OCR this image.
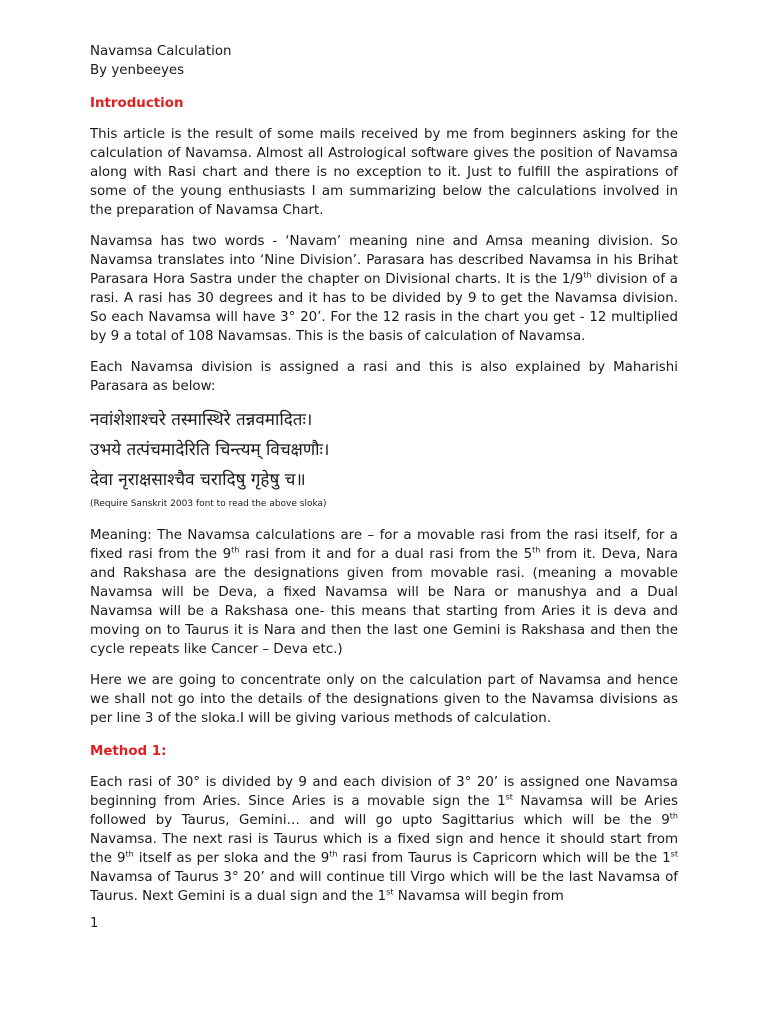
Navamsa Calculation

By yenbeeyes

Introduction

This article is the result of some mails received by me from beginners asking for the calculation of Navamsa. Almost all Astrological software gives the position of Navamsa along with Rasi chart and there is no exception to it. Just to fulfill the aspirations of some of the young enthusiasts I am summarizing below the calculations involved in the preparation of Navamsa Chart.

Navamsa has two words - ‘Navam’ meaning nine and Amsa meaning division. So Navamsa translates into ‘Nine Division’. Parasara has described Navamsa in his Brihat Parasara Hora Sastra under the chapter on Divisional charts. It is the 1/9th division of a rasi. A rasi has 30 degrees and it has to be divided by 9 to get the Navamsa division. So each Navamsa will have 3° 20’. For the 12 rasis in the chart you get - 12 multiplied by 9 a total of 108 Navamsas. This is the basis of calculation of Navamsa.

Each Navamsa division is assigned a rasi and this is also explained by Maharishi Parasara as below:

नवांशेशाश्चरे तस्मास्थिरे तन्नवमादितः।

उभये तत्पंचमादेरिति चिन्त्यम् विचक्षणौः।

देवा नृराक्षसाश्चैव चरादिषु गृहेषु च॥

(Require Sanskrit 2003 font to read the above sloka)

Meaning: The Navamsa calculations are – for a movable rasi from the rasi itself, for a fixed rasi from the 9th rasi from it and for a dual rasi from the 5th from it. Deva, Nara and Rakshasa are the designations given from movable rasi. (meaning a movable Navamsa will be Deva, a fixed Navamsa will be Nara or manushya and a Dual Navamsa will be a Rakshasa one- this means that starting from Aries it is deva and moving on to Taurus it is Nara and then the last one Gemini is Rakshasa and then the cycle repeats like Cancer – Deva etc.)

Here we are going to concentrate only on the calculation part of Navamsa and hence we shall not go into the details of the designations given to the Navamsa divisions as per line 3 of the sloka.I will be giving various methods of calculation.

Method 1:

Each rasi of 30° is divided by 9 and each division of 3° 20’ is assigned one Navamsa beginning from Aries. Since Aries is a movable sign the 1st Navamsa will be Aries followed by Taurus, Gemini… and will go upto Sagittarius which will be the 9th Navamsa. The next rasi is Taurus which is a fixed sign and hence it should start from the 9th itself as per sloka and the 9th rasi from Taurus is Capricorn which will be the 1st Navamsa of Taurus 3° 20’ and will continue till Virgo which will be the last Navamsa of Taurus. Next Gemini is a dual sign and the 1st Navamsa will begin from

1
